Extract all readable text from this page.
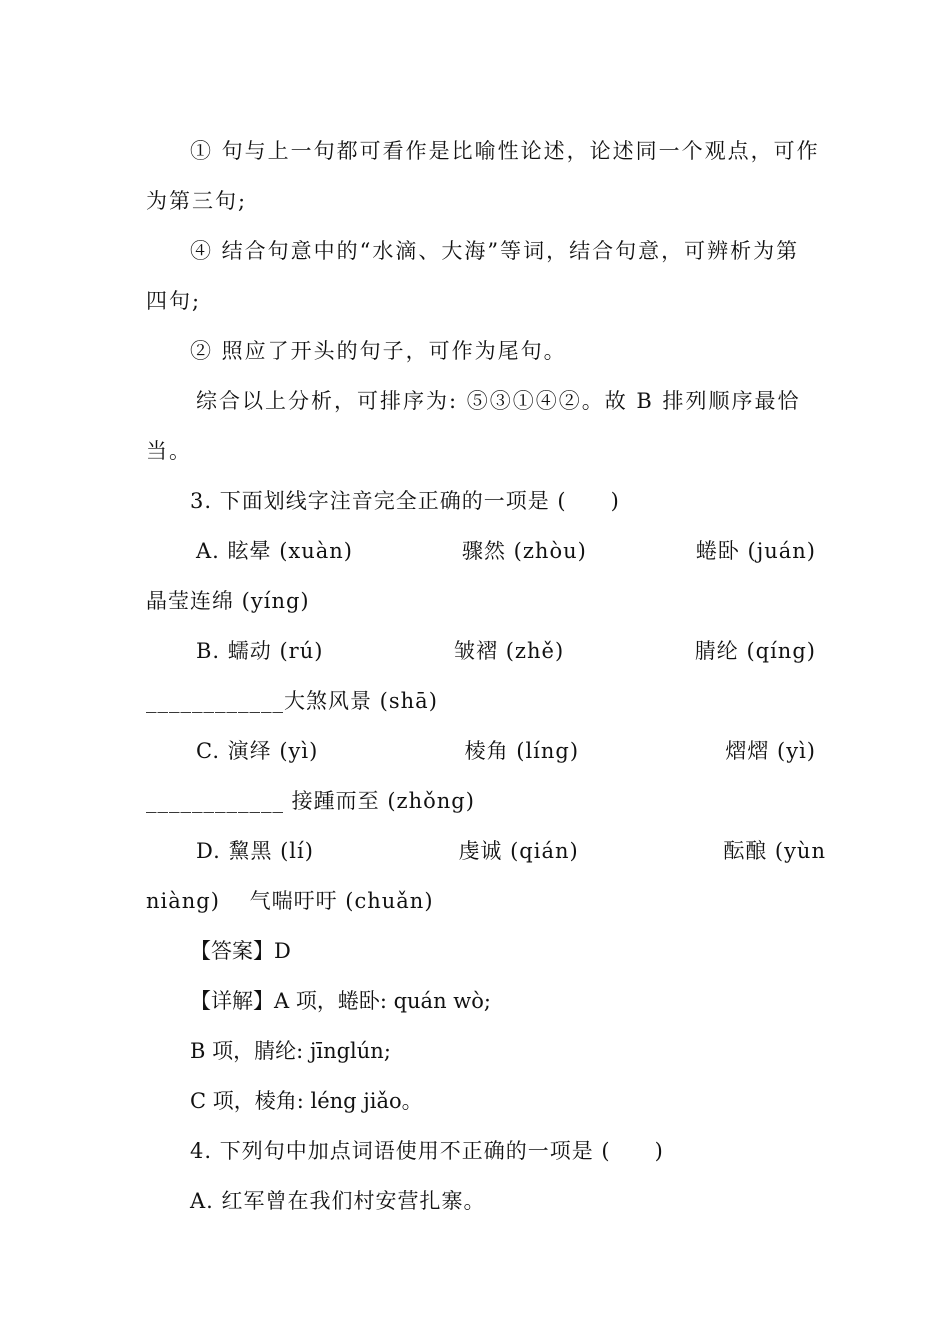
① 句与上一句都可看作是比喻性论述，论述同一个观点，可作
为第三句;
④ 结合句意中的“水滴、大海”等词，结合句意，可辨析为第
四句;
② 照应了开头的句子，可作为尾句。
综合以上分析，可排序为: ⑤③①④②。故 B 排列顺序最恰
当。
3. 下面划线字注音完全正确的一项是 (　　)
A. 眩晕 (xuàn)	骤然 (zhòu)	蜷卧 (juán)
晶莹连绵 (yíng)
B. 蠕动 (rú)	皱褶 (zhě)	腈纶 (qíng)
____________大煞风景 (shā)
C. 演绎 (yì)	棱角 (líng)	熠熠 (yì)
____________ 接踵而至 (zhǒng)
D. 黧黑 (lí)	虔诚 (qián)	酝酿 (yùn
niàng)　 气喘吁吁 (chuǎn)
【答案】D
【详解】A 项，蜷卧: quán wò;
B 项，腈纶: jīnglún;
C 项，棱角: léng jiǎo。
4. 下列句中加点词语使用不正确的一项是 (　　)
A. 红军曾在我们村安营扎寨。
